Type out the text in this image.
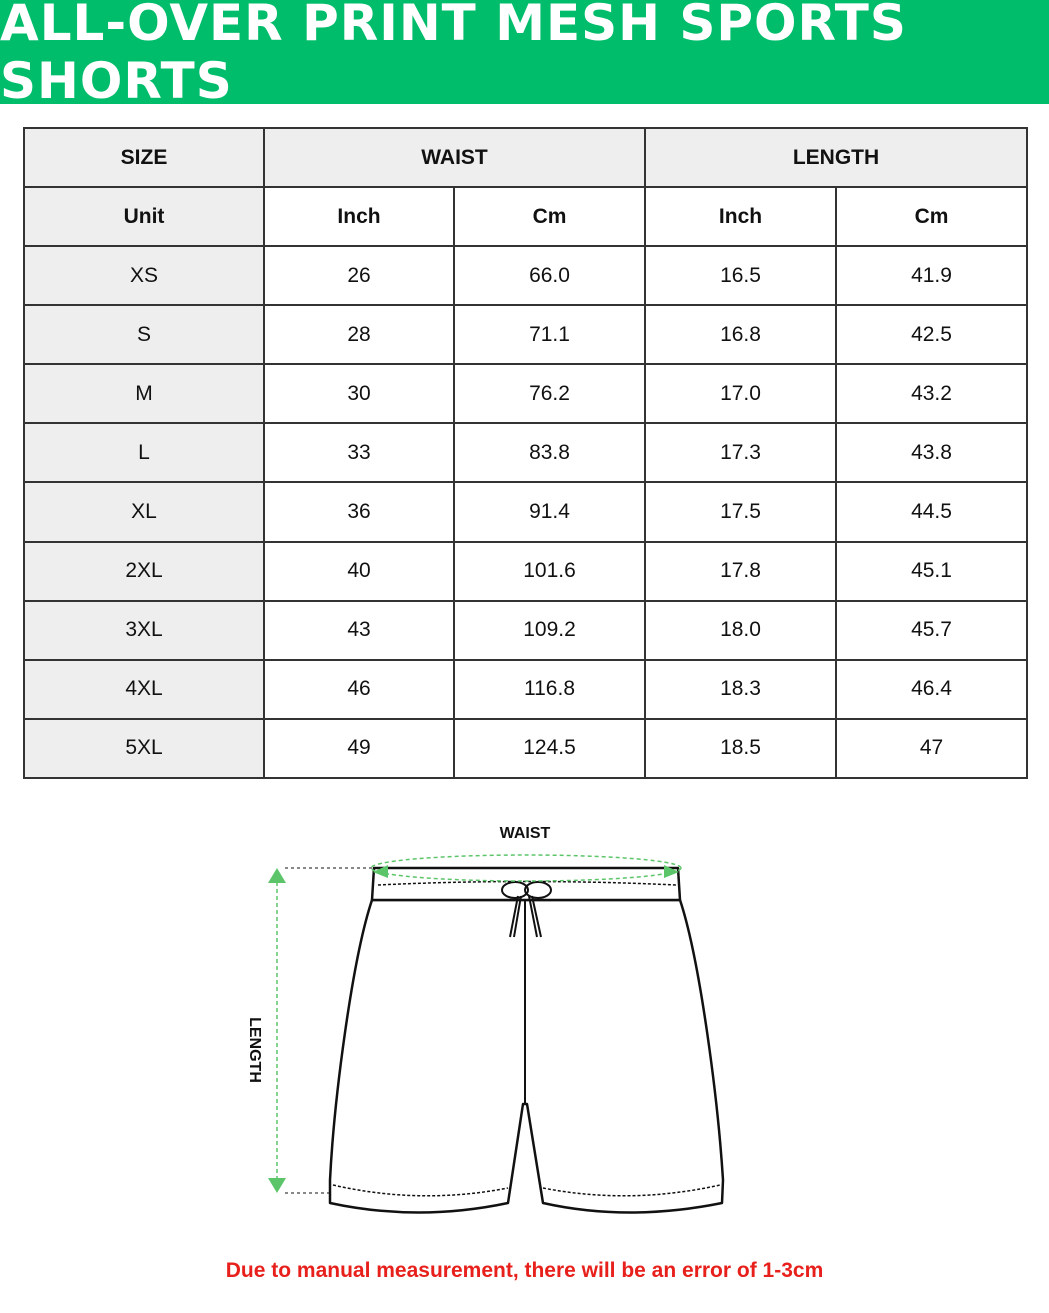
ALL-OVER PRINT MESH SPORTS SHORTS
SIZE	WAIST		LENGTH	
Unit	Inch	Cm	Inch	Cm
XS	26	66.0	16.5	41.9
S	28	71.1	16.8	42.5
M	30	76.2	17.0	43.2
L	33	83.8	17.3	43.8
XL	36	91.4	17.5	44.5
2XL	40	101.6	17.8	45.1
3XL	43	109.2	18.0	45.7
4XL	46	116.8	18.3	46.4
5XL	49	124.5	18.5	47
WAIST
LENGTH
Due to manual measurement, there will be an error of 1-3cm
